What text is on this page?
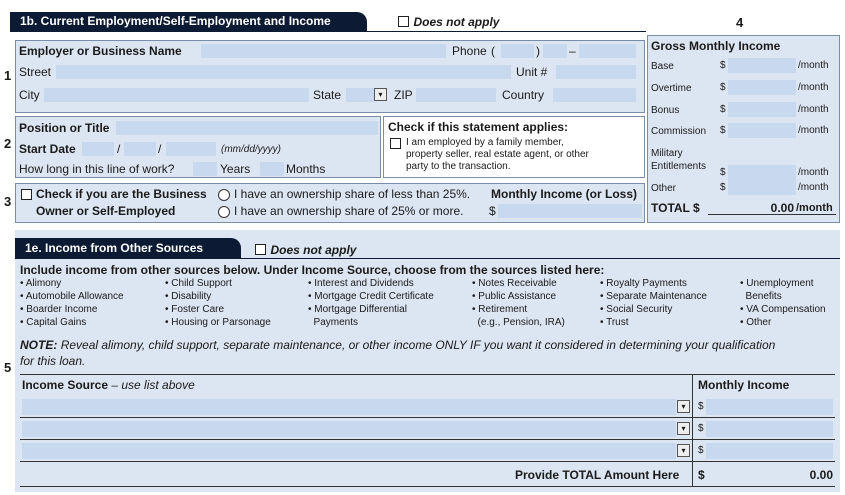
1b. Current Employment/Self-Employment and Income	Does not apply
1
2
3
4
5
Employer or Business Name	Phone (	) –
Street	Unit #
City	State	▾ ZIP	Country
Position or Title
Start Date	/	/	(mm/dd/yyyy)
How long in this line of work?	Years	Months
Check if this statement applies:
I am employed by a family member,
property seller, real estate agent, or other
party to the transaction.
Check if you are the Business
Owner or Self-Employed
I have an ownership share of less than 25%.
I have an ownership share of 25% or more.
Monthly Income (or Loss)
$
Gross Monthly Income
Base	$	/month
Overtime	$	/month
Bonus	$	/month
Commission $	/month
Military
Entitlements
$	/month
Other	$	/month
TOTAL $	0.00 /month
1e. Income from Other Sources	Does not apply
Include income from other sources below. Under Income Source, choose from the sources listed here:
• Alimony
• Automobile Allowance
• Boarder Income
• Capital Gains
• Child Support
• Disability
• Foster Care
• Housing or Parsonage
• Interest and Dividends
• Mortgage Credit Certificate
• Mortgage Differential
Payments
• Notes Receivable
• Public Assistance
• Retirement
(e.g., Pension, IRA)
• Royalty Payments
• Separate Maintenance
• Social Security
• Trust
• Unemployment
Benefits
• VA Compensation
• Other
NOTE: Reveal alimony, child support, separate maintenance, or other income ONLY IF you want it considered in determining your qualification
for this loan.
Income Source – use list above	Monthly Income
▾	$
▾	$
▾	$
Provide TOTAL Amount Here $	0.00
